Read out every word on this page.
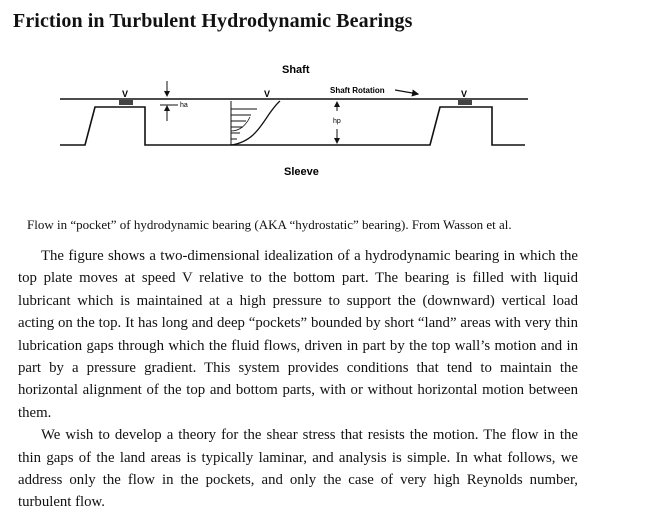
Friction in Turbulent Hydrodynamic Bearings
V	V	V
Shaft
Shaft Rotation
ha
hp
Sleeve
Flow in “pocket” of hydrodynamic bearing (AKA “hydrostatic” bearing). From Wasson et al.

The figure shows a two-dimensional idealization of a hydrodynamic bearing in which the top plate moves at speed V relative to the bottom part. The bearing is filled with liquid lubricant which is maintained at a high pressure to support the (downward) vertical load acting on the top. It has long and deep “pockets” bounded by short “land” areas with very thin lubrication gaps through which the fluid flows, driven in part by the top wall’s motion and in part by a pressure gradient. This system provides conditions that tend to maintain the horizontal alignment of the top and bottom parts, with or without horizontal motion between them.

We wish to develop a theory for the shear stress that resists the motion. The flow in the thin gaps of the land areas is typically laminar, and analysis is simple. In what follows, we address only the flow in the pockets, and only the case of very high Reynolds number, turbulent flow.
